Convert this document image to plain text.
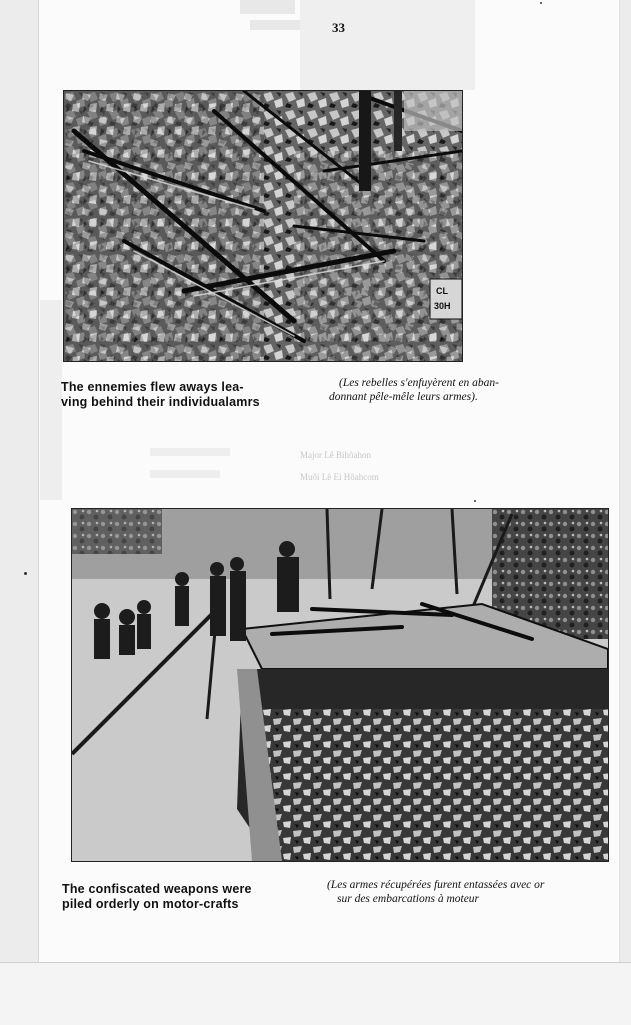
Major Lê Bihôahon
Muôi Lê Ei Hôahcom
33
CL
30H
The ennemies flew aways lea-
ving behind their individualamrs
(Les rebelles s'enfuyèrent en aban-
donnant pêle-mêle leurs armes).
The confiscated weapons were
piled orderly on motor-crafts
(Les armes récupérées furent entassées avec or
sur des embarcations à moteur
